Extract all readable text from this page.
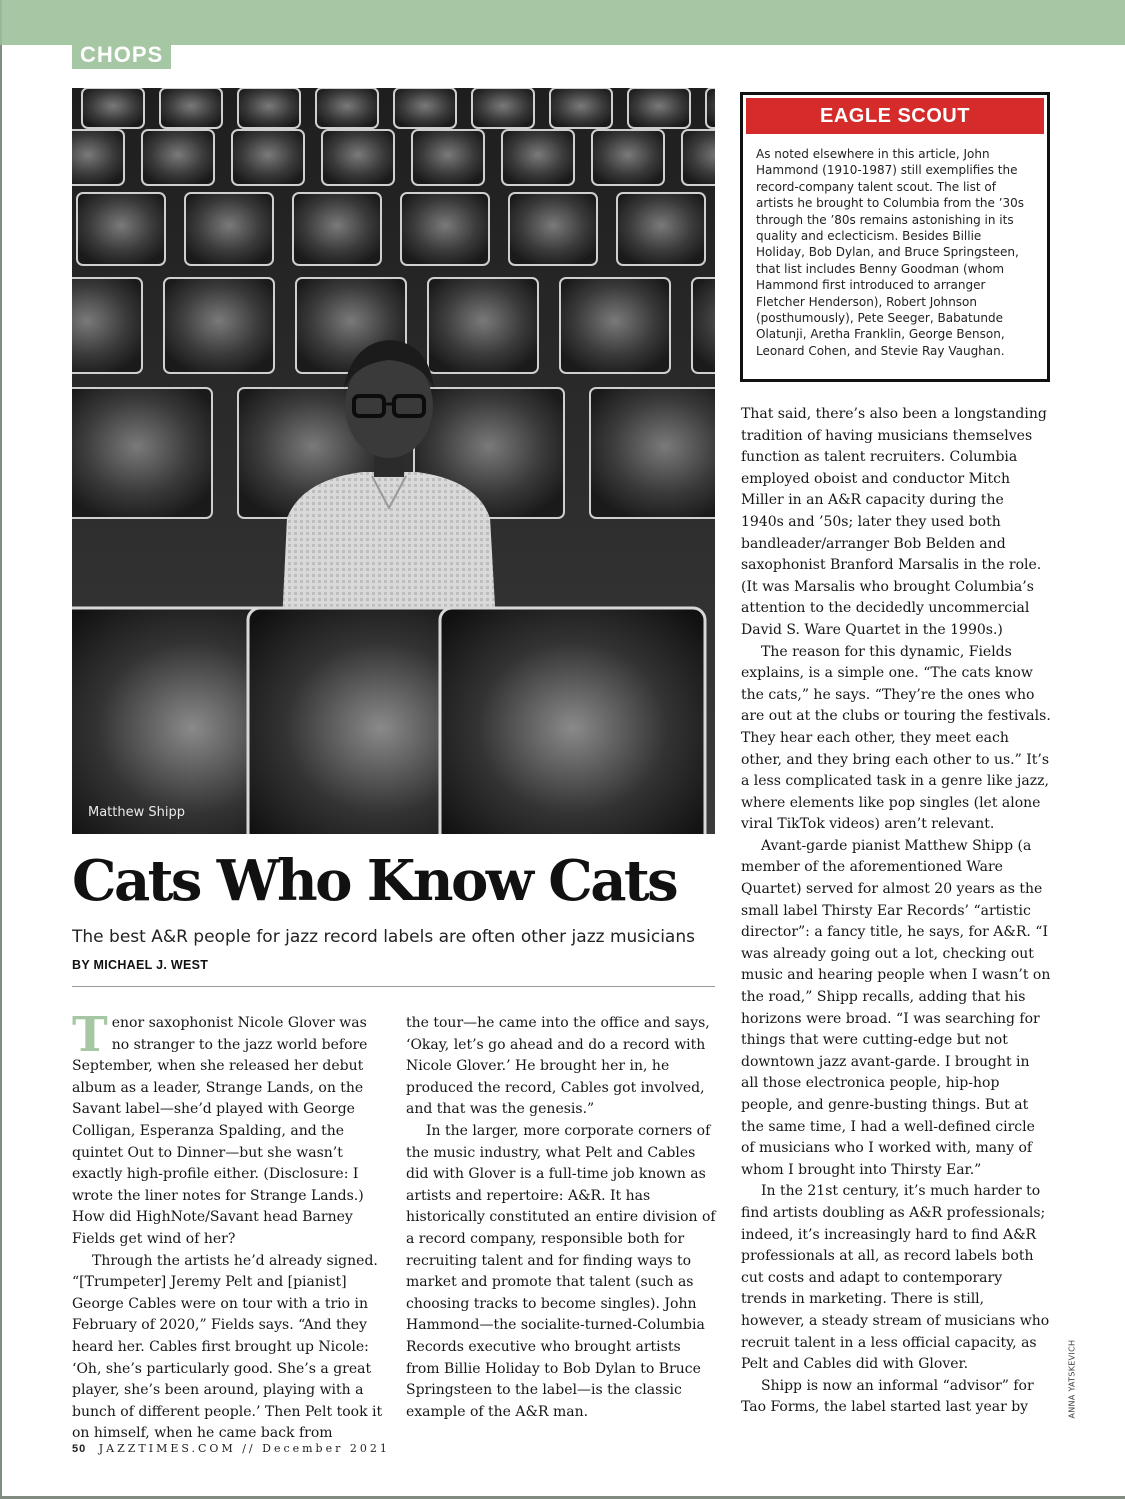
CHOPS
Matthew Shipp
Cats Who Know Cats
The best A&R people for jazz record labels are often other jazz musicians
BY MICHAEL J. WEST

Tenor saxophonist Nicole Glover was no stranger to the jazz world before September, when she released her debut album as a leader, Strange Lands, on the Savant label—she’d played with George Colligan, Esperanza Spalding, and the quintet Out to Dinner—but she wasn’t exactly high-profile either. (Disclosure: I wrote the liner notes for Strange Lands.) How did HighNote/Savant head Barney Fields get wind of her?

Through the artists he’d already signed. “[Trumpeter] Jeremy Pelt and [pianist] George Cables were on tour with a trio in February of 2020,” Fields says. “And they heard her. Cables first brought up Nicole: ‘Oh, she’s particularly good. She’s a great player, she’s been around, playing with a bunch of different people.’ Then Pelt took it on himself, when he came back from

the tour—he came into the office and says, ‘Okay, let’s go ahead and do a record with Nicole Glover.’ He brought her in, he produced the record, Cables got involved, and that was the genesis.”

In the larger, more corporate corners of the music industry, what Pelt and Cables did with Glover is a full-time job known as artists and repertoire: A&R. It has historically constituted an entire division of a record company, responsible both for recruiting talent and for finding ways to market and promote that talent (such as choosing tracks to become singles). John Hammond—the socialite-turned-Columbia Records executive who brought artists from Billie Holiday to Bob Dylan to Bruce Springsteen to the label—is the classic example of the A&R man.

That said, there’s also been a longstanding tradition of having musicians themselves function as talent recruiters. Columbia employed oboist and conductor Mitch Miller in an A&R capacity during the 1940s and ’50s; later they used both bandleader/arranger Bob Belden and saxophonist Branford Marsalis in the role. (It was Marsalis who brought Columbia’s attention to the decidedly uncommercial David S. Ware Quartet in the 1990s.)

The reason for this dynamic, Fields explains, is a simple one. “The cats know the cats,” he says. “They’re the ones who are out at the clubs or touring the festivals. They hear each other, they meet each other, and they bring each other to us.” It’s a less complicated task in a genre like jazz, where elements like pop singles (let alone viral TikTok videos) aren’t relevant.

Avant-garde pianist Matthew Shipp (a member of the aforementioned Ware Quartet) served for almost 20 years as the small label Thirsty Ear Records’ “artistic director”: a fancy title, he says, for A&R. “I was already going out a lot, checking out music and hearing people when I wasn’t on the road,” Shipp recalls, adding that his horizons were broad. “I was searching for things that were cutting-edge but not downtown jazz avant-garde. I brought in all those electronica people, hip-hop people, and genre-busting things. But at the same time, I had a well-defined circle of musicians who I worked with, many of whom I brought into Thirsty Ear.”

In the 21st century, it’s much harder to find artists doubling as A&R professionals; indeed, it’s increasingly hard to find A&R professionals at all, as record labels both cut costs and adapt to contemporary trends in marketing. There is still, however, a steady stream of musicians who recruit talent in a less official capacity, as Pelt and Cables did with Glover.

Shipp is now an informal “advisor” for Tao Forms, the label started last year by

EAGLE SCOUT
As noted elsewhere in this article, John Hammond (1910-1987) still exemplifies the record-company talent scout. The list of artists he brought to Columbia from the ’30s through the ’80s remains astonishing in its quality and eclecticism. Besides Billie Holiday, Bob Dylan, and Bruce Springsteen, that list includes Benny Goodman (whom Hammond first introduced to arranger Fletcher Henderson), Robert Johnson (posthumously), Pete Seeger, Babatunde Olatunji, Aretha Franklin, George Benson, Leonard Cohen, and Stevie Ray Vaughan.
ANNA YATSKEVICH
50 JAZZTIMES.COM // December 2021
